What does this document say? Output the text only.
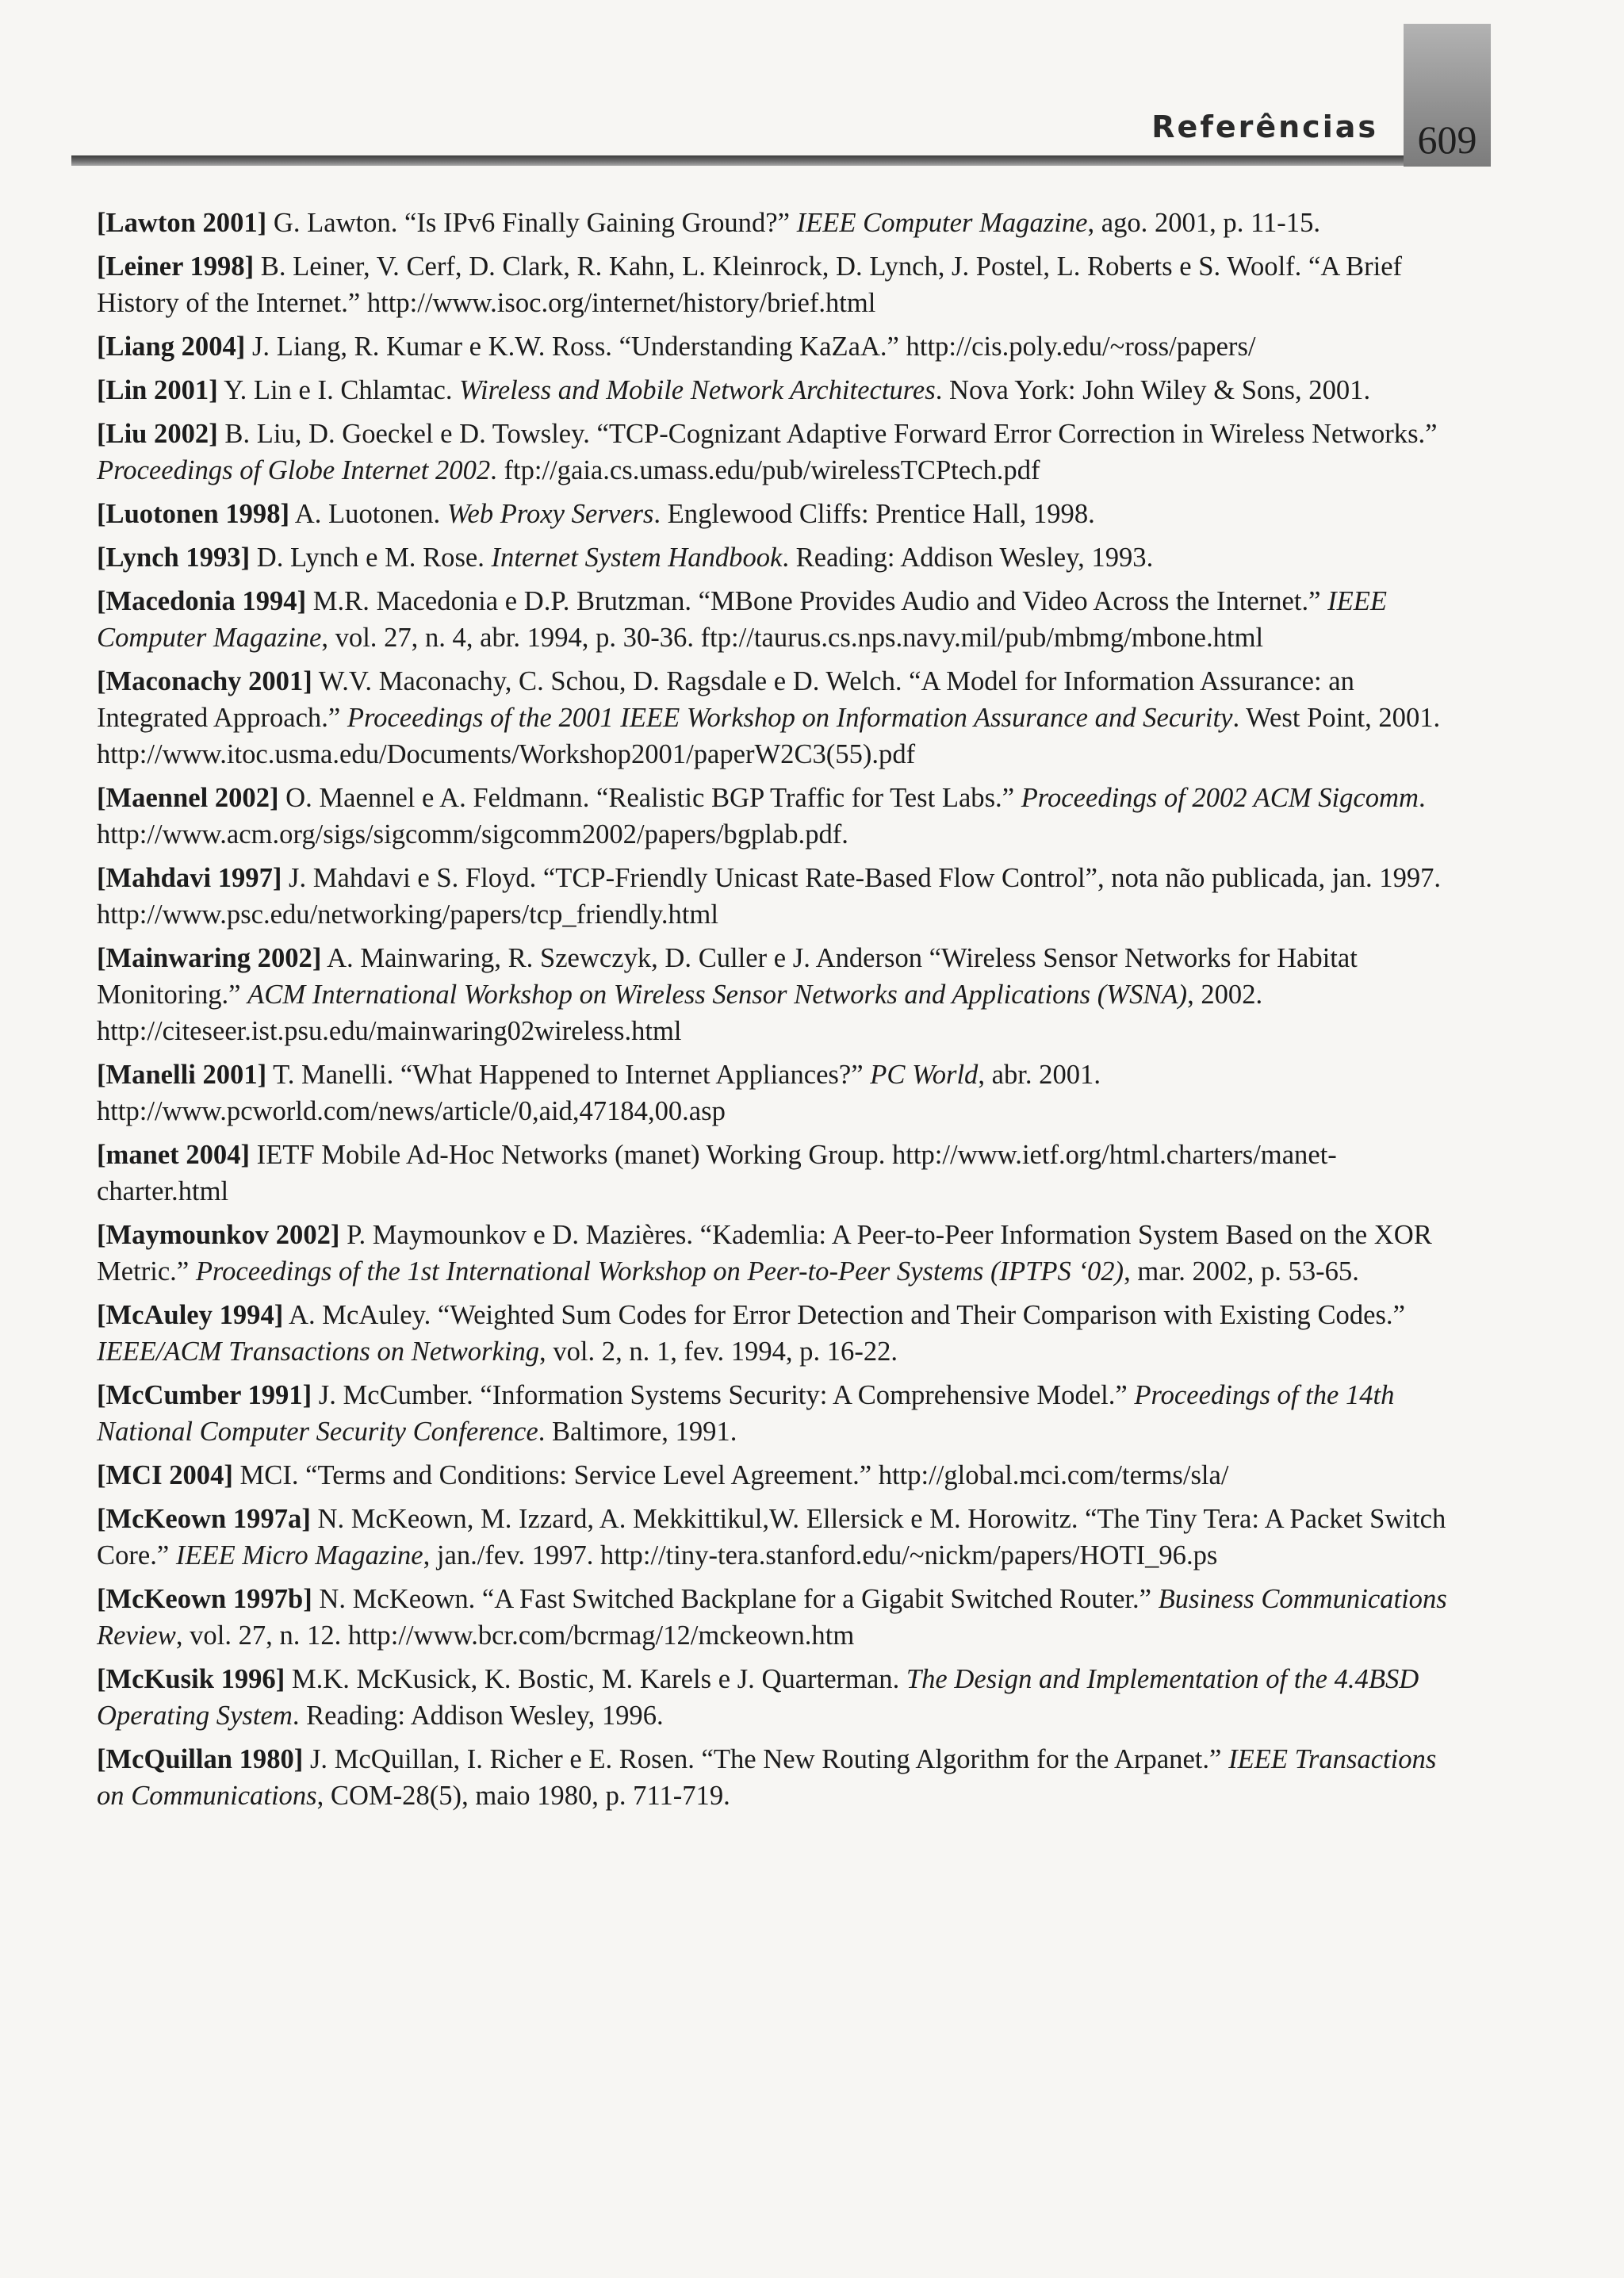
Referências 609

[Lawton 2001] G. Lawton. “Is IPv6 Finally Gaining Ground?” IEEE Computer Magazine, ago. 2001, p. 11-15.

[Leiner 1998] B. Leiner, V. Cerf, D. Clark, R. Kahn, L. Kleinrock, D. Lynch, J. Postel, L. Roberts e S. Woolf. “A Brief History of the Internet.” http://www.isoc.org/internet/history/brief.html

[Liang 2004] J. Liang, R. Kumar e K.W. Ross. “Understanding KaZaA.” http://cis.poly.edu/~ross/papers/

[Lin 2001] Y. Lin e I. Chlamtac. Wireless and Mobile Network Architectures. Nova York: John Wiley & Sons, 2001.

[Liu 2002] B. Liu, D. Goeckel e D. Towsley. “TCP-Cognizant Adaptive Forward Error Correction in Wireless Networks.” Proceedings of Globe Internet 2002. ftp://gaia.cs.umass.edu/pub/wirelessTCPtech.pdf

[Luotonen 1998] A. Luotonen. Web Proxy Servers. Englewood Cliffs: Prentice Hall, 1998.

[Lynch 1993] D. Lynch e M. Rose. Internet System Handbook. Reading: Addison Wesley, 1993.

[Macedonia 1994] M.R. Macedonia e D.P. Brutzman. “MBone Provides Audio and Video Across the Internet.” IEEE Computer Magazine, vol. 27, n. 4, abr. 1994, p. 30-36. ftp://taurus.cs.nps.navy.mil/pub/mbmg/mbone.html

[Maconachy 2001] W.V. Maconachy, C. Schou, D. Ragsdale e D. Welch. “A Model for Information Assurance: an Integrated Approach.” Proceedings of the 2001 IEEE Workshop on Information Assurance and Security. West Point, 2001. http://www.itoc.usma.edu/Documents/Workshop2001/paperW2C3(55).pdf

[Maennel 2002] O. Maennel e A. Feldmann. “Realistic BGP Traffic for Test Labs.” Proceedings of 2002 ACM Sigcomm. http://www.acm.org/sigs/sigcomm/sigcomm2002/papers/bgplab.pdf.

[Mahdavi 1997] J. Mahdavi e S. Floyd. “TCP-Friendly Unicast Rate-Based Flow Control”, nota não publicada, jan. 1997. http://www.psc.edu/networking/papers/tcp_friendly.html

[Mainwaring 2002] A. Mainwaring, R. Szewczyk, D. Culler e J. Anderson “Wireless Sensor Networks for Habitat Monitoring.” ACM International Workshop on Wireless Sensor Networks and Applications (WSNA), 2002. http://citeseer.ist.psu.edu/mainwaring02wireless.html

[Manelli 2001] T. Manelli. “What Happened to Internet Appliances?” PC World, abr. 2001. http://www.pcworld.com/news/article/0,aid,47184,00.asp

[manet 2004] IETF Mobile Ad-Hoc Networks (manet) Working Group. http://www.ietf.org/html.charters/manet-charter.html

[Maymounkov 2002] P. Maymounkov e D. Mazières. “Kademlia: A Peer-to-Peer Information System Based on the XOR Metric.” Proceedings of the 1st International Workshop on Peer-to-Peer Systems (IPTPS ‘02), mar. 2002, p. 53-65.

[McAuley 1994] A. McAuley. “Weighted Sum Codes for Error Detection and Their Comparison with Existing Codes.” IEEE/ACM Transactions on Networking, vol. 2, n. 1, fev. 1994, p. 16-22.

[McCumber 1991] J. McCumber. “Information Systems Security: A Comprehensive Model.” Proceedings of the 14th National Computer Security Conference. Baltimore, 1991.

[MCI 2004] MCI. “Terms and Conditions: Service Level Agreement.” http://global.mci.com/terms/sla/

[McKeown 1997a] N. McKeown, M. Izzard, A. Mekkittikul,W. Ellersick e M. Horowitz. “The Tiny Tera: A Packet Switch Core.” IEEE Micro Magazine, jan./fev. 1997. http://tiny-tera.stanford.edu/~nickm/papers/HOTI_96.ps

[McKeown 1997b] N. McKeown. “A Fast Switched Backplane for a Gigabit Switched Router.” Business Communications Review, vol. 27, n. 12. http://www.bcr.com/bcrmag/12/mckeown.htm

[McKusik 1996] M.K. McKusick, K. Bostic, M. Karels e J. Quarterman. The Design and Implementation of the 4.4BSD Operating System. Reading: Addison Wesley, 1996.

[McQuillan 1980] J. McQuillan, I. Richer e E. Rosen. “The New Routing Algorithm for the Arpanet.” IEEE Transactions on Communications, COM-28(5), maio 1980, p. 711-719.
